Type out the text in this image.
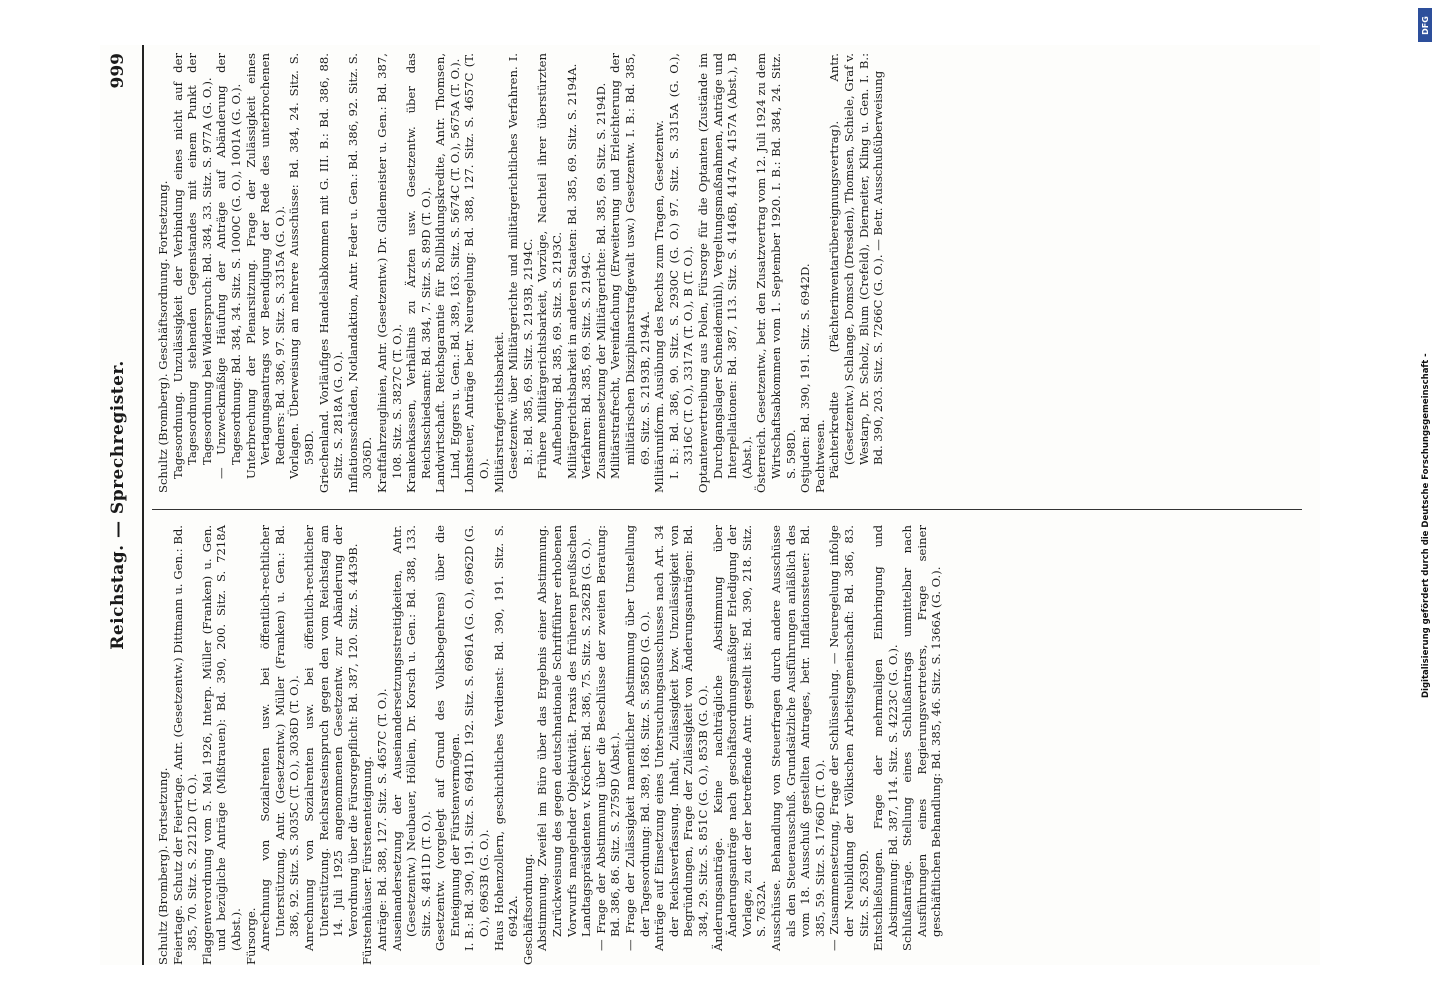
Reichstag. — Sprechregister.
999

Schultz (Bromberg). Fortsetzung. Feiertage. Schutz der Feiertage. Antr. (Gesetzentw.) Dittmann u. Gen.: Bd. 385, 70. Sitz. S. 2212D (T. O.). Flaggenverordnung vom 5. Mai 1926, Interp. Müller (Franken) u. Gen. und bezügliche Anträge (Mißtrauen): Bd. 390, 200. Sitz. S. 7218A (Abst.). Fürsorge. Anrechnung von Sozialrenten usw. bei öffentlich-rechtlicher Unterstützung, Antr. (Gesetzentw.) Müller (Franken) u. Gen.: Bd. 386, 92. Sitz. S. 3035C (T. O.), 3036D (T. O.). Anrechnung von Sozialrenten usw. bei öffentlich-rechtlicher Unterstützung. Reichsratseinspruch gegen den vom Reichstag am 14. Juli 1925 angenommenen Gesetzentw. zur Abänderung der Verordnung über die Fürsorgepflicht: Bd. 387, 120. Sitz. S. 4439B. Fürstenhäuser. Fürstenenteignung. Anträge: Bd. 388, 127. Sitz. S. 4657C (T. O.). Auseinandersetzung der Auseinandersetzungsstreitigkeiten, Antr. (Gesetzentw.) Neubauer, Höllein, Dr. Korsch u. Gen.: Bd. 388, 133. Sitz. S. 4811D (T. O.). Gesetzentw. (vorgelegt auf Grund des Volksbegehrens) über die Enteignung der Fürstenvermögen. I. B.: Bd. 390, 191. Sitz. S. 6941D. 192. Sitz. S. 6961A (G. O.), 6962D (G. O.), 6963B (G. O.). Haus Hohenzollern, geschichtliches Verdienst: Bd. 390, 191. Sitz. S. 6942A. Geschäftsordnung. Abstimmung. Zweifel im Büro über das Ergebnis einer Abstimmung. Zurückweisung des gegen deutschnationale Schriftführer erhobenen Vorwurfs mangelnder Objektivität. Praxis des früheren preußischen Landtagspräsidenten v. Kröcher: Bd. 386, 75. Sitz. S. 2362B (G. O.). — Frage der Abstimmung über die Beschlüsse der zweiten Beratung: Bd. 386, 86. Sitz. S. 2759D (Abst.). — Frage der Zulässigkeit namentlicher Abstimmung über Umstellung der Tagesordnung: Bd. 389, 168. Sitz. S. 5856D (G. O.). Anträge auf Einsetzung eines Untersuchungsausschusses nach Art. 34 der Reichsverfassung. Inhalt, Zulässigkeit bzw. Unzulässigkeit von Begründungen, Frage der Zulässigkeit von Änderungsanträgen: Bd. 384, 29. Sitz. S. 851C (G. O.), 853B (G. O.). Änderungsanträge. Keine nachträgliche Abstimmung über Änderungsanträge nach geschäftsordnungsmäßiger Erledigung der Vorlage, zu der der betreffende Antr. gestellt ist: Bd. 390, 218. Sitz. S. 7632A. Ausschüsse. Behandlung von Steuerfragen durch andere Ausschüsse als den Steuerausschuß. Grundsätzliche Ausführungen anläßlich des vom 18. Ausschuß gestellten Antrages, betr. Inflationssteuer: Bd. 385, 59. Sitz. S. 1766D (T. O.). — Zusammensetzung, Frage der Schlüsselung. — Neuregelung infolge der Neubildung der Völkischen Arbeitsgemeinschaft: Bd. 386, 83. Sitz. S. 2639D. Entschließungen. Frage der mehrmaligen Einbringung und Abstimmung: Bd. 387, 114. Sitz. S. 4223C (G. O.). Schlußanträge. Stellung eines Schlußantrags unmittelbar nach Ausführungen eines Regierungsvertreters, Frage seiner geschäftlichen Behandlung: Bd. 385, 46. Sitz. S. 1366A (G. O.).

Schultz (Bromberg). Geschäftsordnung. Fortsetzung. Tagesordnung. Unzulässigkeit der Verbindung eines nicht auf der Tagesordnung stehenden Gegenstandes mit einem Punkt der Tagesordnung bei Widerspruch: Bd. 384, 33. Sitz. S. 977A (G. O.). — Unzweckmäßige Häufung der Anträge auf Abänderung der Tagesordnung: Bd. 384, 34. Sitz. S. 1000C (G. O.), 1001A (G. O.). Unterbrechung der Plenarsitzung. Frage der Zulässigkeit eines Vertagungsantrags vor Beendigung der Rede des unterbrochenen Redners: Bd. 386, 97. Sitz. S. 3315A (G. O.). Vorlagen. Überweisung an mehrere Ausschüsse: Bd. 384, 24. Sitz. S. 598D. Griechenland. Vorläufiges Handelsabkommen mit G. III. B.: Bd. 386, 88. Sitz. S. 2818A (G. O.). Inflationsschäden, Notlandaktion, Antr. Feder u. Gen.: Bd. 386, 92. Sitz. S. 3036D. Kraftfahrzeuglinien, Antr. (Gesetzentw.) Dr. Gildemeister u. Gen.: Bd. 387, 108. Sitz. S. 3827C (T. O.). Krankenkassen, Verhältnis zu Ärzten usw. Gesetzentw. über das Reichsschiedsamt: Bd. 384, 7. Sitz. S. 89D (T. O.). Landwirtschaft. Reichsgarantie für Rollbildungskredite, Antr. Thomsen, Lind, Eggers u. Gen.: Bd. 389, 163. Sitz. S. 5674C (T. O.), 5675A (T. O.). Lohnsteuer, Anträge betr. Neuregelung: Bd. 388, 127. Sitz. S. 4657C (T. O.). Militärstrafgerichtsbarkeit. Gesetzentw. über Militärgerichte und militärgerichtliches Verfahren. I. B.: Bd. 385, 69. Sitz. S. 2193B, 2194C. Frühere Militärgerichtsbarkeit, Vorzüge, Nachteil ihrer überstürzten Aufhebung: Bd. 385, 69. Sitz. S. 2193C. Militärgerichtsbarkeit in anderen Staaten: Bd. 385, 69. Sitz. S. 2194A. Verfahren: Bd. 385, 69. Sitz. S. 2194C. Zusammensetzung der Militärgerichte: Bd. 385, 69. Sitz. S. 2194D. Militärstrafrecht, Vereinfachung (Erweiterung und Erleichterung der militärischen Disziplinarstrafgewalt usw.) Gesetzentw. I. B.: Bd. 385, 69. Sitz. S. 2193B, 2194A. Militäruniform. Ausübung des Rechts zum Tragen, Gesetzentw. I. B.: Bd. 386, 90. Sitz. S. 2930C (G. O.) 97. Sitz. S. 3315A (G. O.), 3316C (T. O.), 3317A (T. O.), B (T. O.). Optantenvertreibung aus Polen, Fürsorge für die Optanten (Zustände im Durchgangslager Schneidemühl), Vergeltungsmaßnahmen, Anträge und Interpellationen: Bd. 387, 113. Sitz. S. 4146B, 4147A, 4157A (Abst.), B (Abst.). Österreich. Gesetzentw., betr. den Zusatzvertrag vom 12. Juli 1924 zu dem Wirtschaftsabkommen vom 1. September 1920. I. B.: Bd. 384, 24. Sitz. S. 598D. Ostjuden: Bd. 390, 191. Sitz. S. 6942D. Pachtwesen. Pächterkredite (Pächterinventarübereignungsvertrag). Antr. (Gesetzentw.) Schlange, Domsch (Dresden), Thomsen, Schiele, Graf v. Westarp, Dr. Scholz, Blum (Crefeld), Dierneiter, Kling u. Gen. I. B.: Bd. 390, 203. Sitz. S. 7266C (G. O.). — Betr. Ausschußüberweisung

Digitalisierung gefördert durch die Deutsche Forschungsgemeinschaft -
DFG
